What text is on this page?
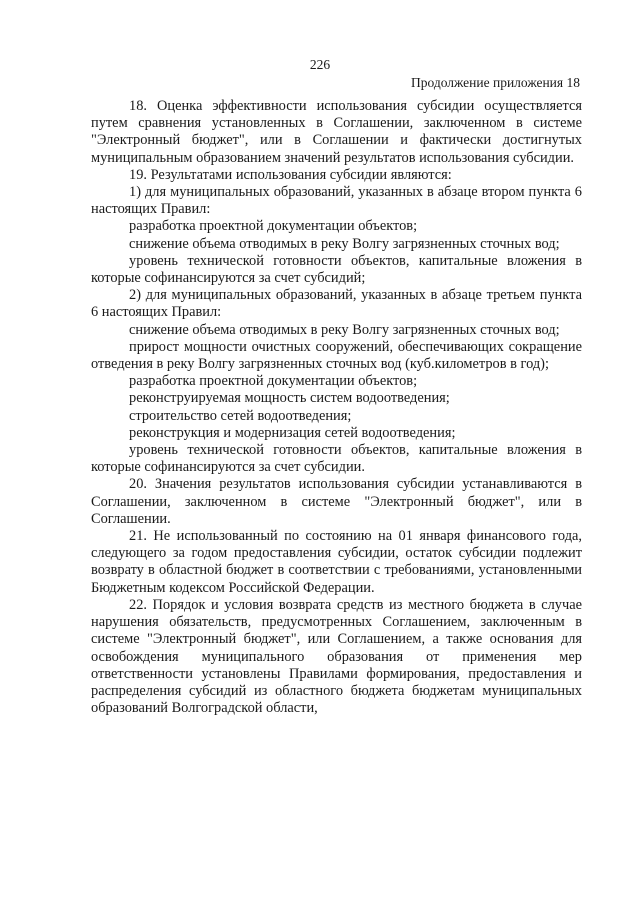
226
Продолжение приложения 18

18. Оценка эффективности использования субсидии осуществляется путем сравнения установленных в Соглашении, заключенном в системе "Электронный бюджет", или в Соглашении и фактически достигнутых муниципальным образованием значений результатов использования субсидии.

19. Результатами использования субсидии являются:

1) для муниципальных образований, указанных в абзаце втором пункта 6 настоящих Правил:

разработка проектной документации объектов;

снижение объема отводимых в реку Волгу загрязненных сточных вод;

уровень технической готовности объектов, капитальные вложения в которые софинансируются за счет субсидий;

2) для муниципальных образований, указанных в абзаце третьем пункта 6 настоящих Правил:

снижение объема отводимых в реку Волгу загрязненных сточных вод;

прирост мощности очистных сооружений, обеспечивающих сокращение отведения в реку Волгу загрязненных сточных вод (куб.километров в год);

разработка проектной документации объектов;

реконструируемая мощность систем водоотведения;

строительство сетей водоотведения;

реконструкция и модернизация сетей водоотведения;

уровень технической готовности объектов, капитальные вложения в которые софинансируются за счет субсидии.

20. Значения результатов использования субсидии устанавливаются в Соглашении, заключенном в системе "Электронный бюджет", или в Соглашении.

21. Не использованный по состоянию на 01 января финансового года, следующего за годом предоставления субсидии, остаток субсидии подлежит возврату в областной бюджет в соответствии с требованиями, установленными Бюджетным кодексом Российской Федерации.

22. Порядок и условия возврата средств из местного бюджета в случае нарушения обязательств, предусмотренных Соглашением, заключенным в системе "Электронный бюджет", или Соглашением, а также основания для освобождения муниципального образования от применения мер ответственности установлены Правилами формирования, предоставления и распределения субсидий из областного бюджета бюджетам муниципальных образований Волгоградской области,
